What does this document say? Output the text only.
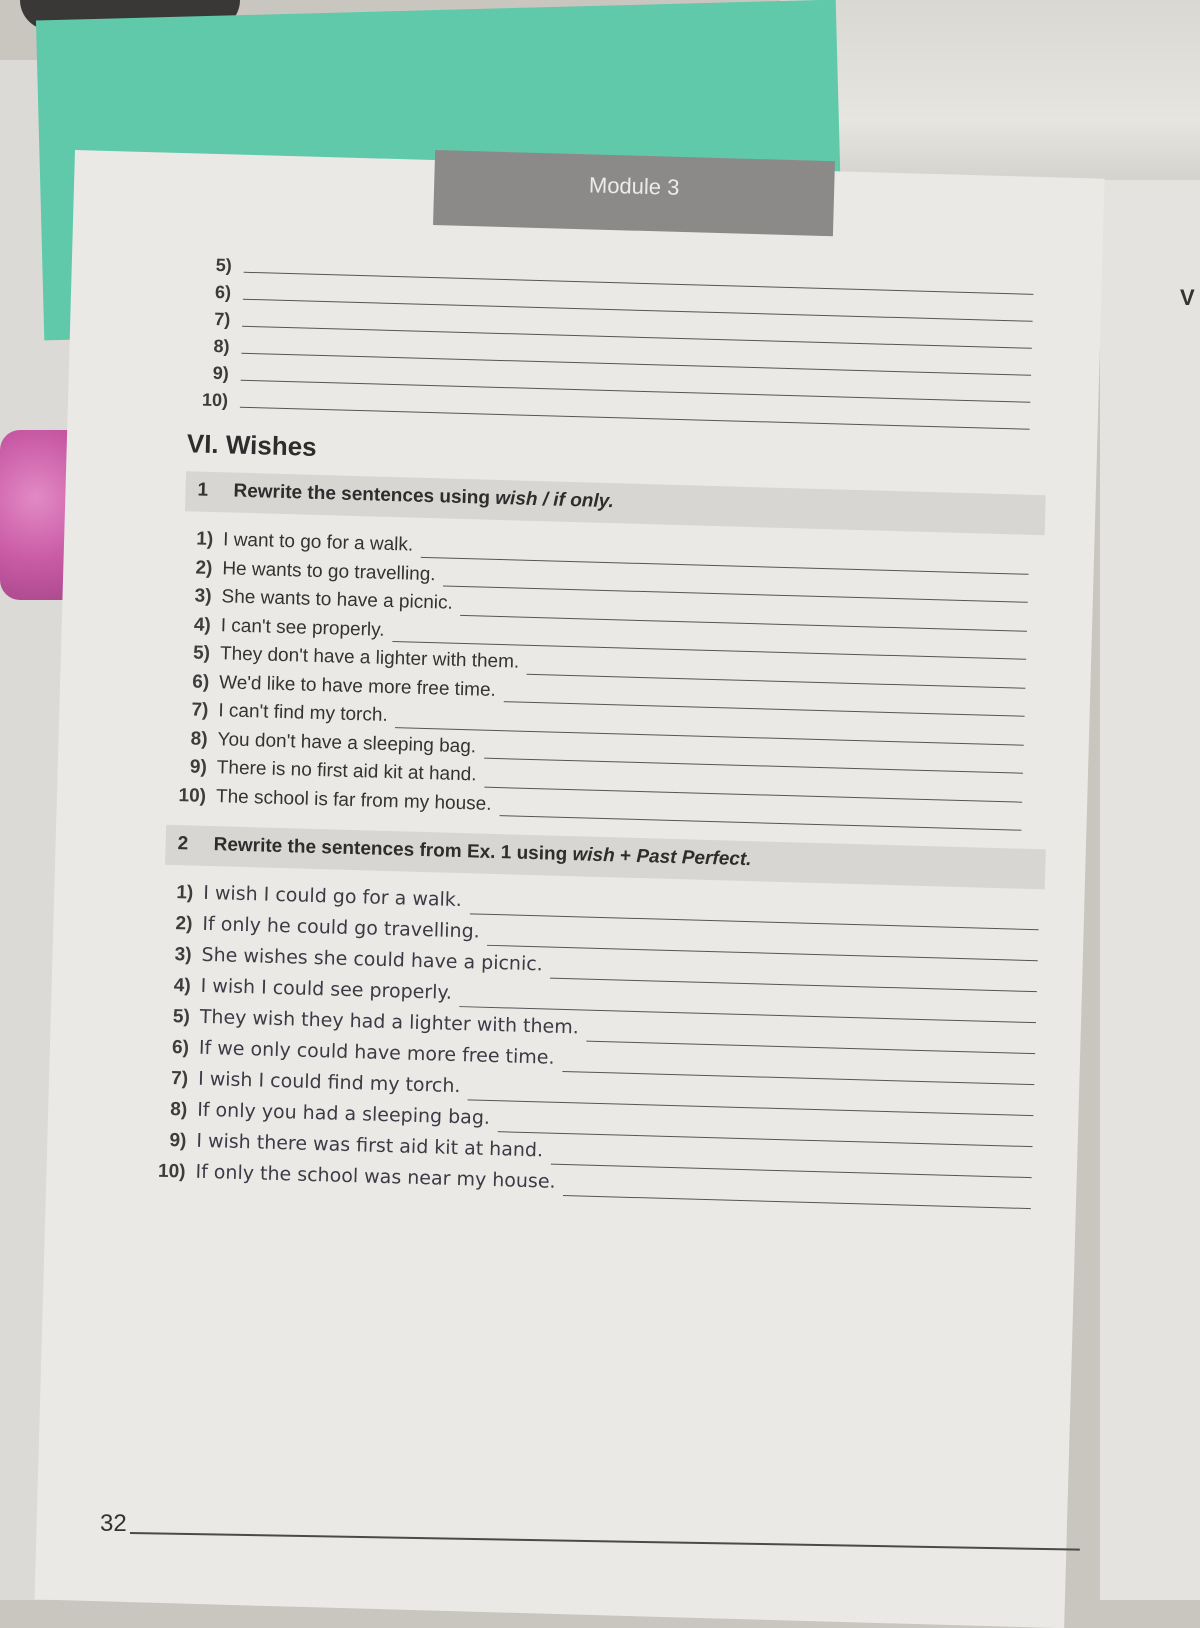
V
Module 3
5)
6)
7)
8)
9)
10)
VI. Wishes
1 Rewrite the sentences using wish / if only.
1) I want to go for a walk.
2) He wants to go travelling.
3) She wants to have a picnic.
4) I can't see properly.
5) They don't have a lighter with them.
6) We'd like to have more free time.
7) I can't find my torch.
8) You don't have a sleeping bag.
9) There is no first aid kit at hand.
10) The school is far from my house.
2 Rewrite the sentences from Ex. 1 using wish + Past Perfect.
1) I wish I could go for a walk.
2) If only he could go travelling.
3) She wishes she could have a picnic.
4) I wish I could see properly.
5) They wish they had a lighter with them.
6) If we only could have more free time.
7) I wish I could find my torch.
8) If only you had a sleeping bag.
9) I wish there was first aid kit at hand.
10) If only the school was near my house.
32
